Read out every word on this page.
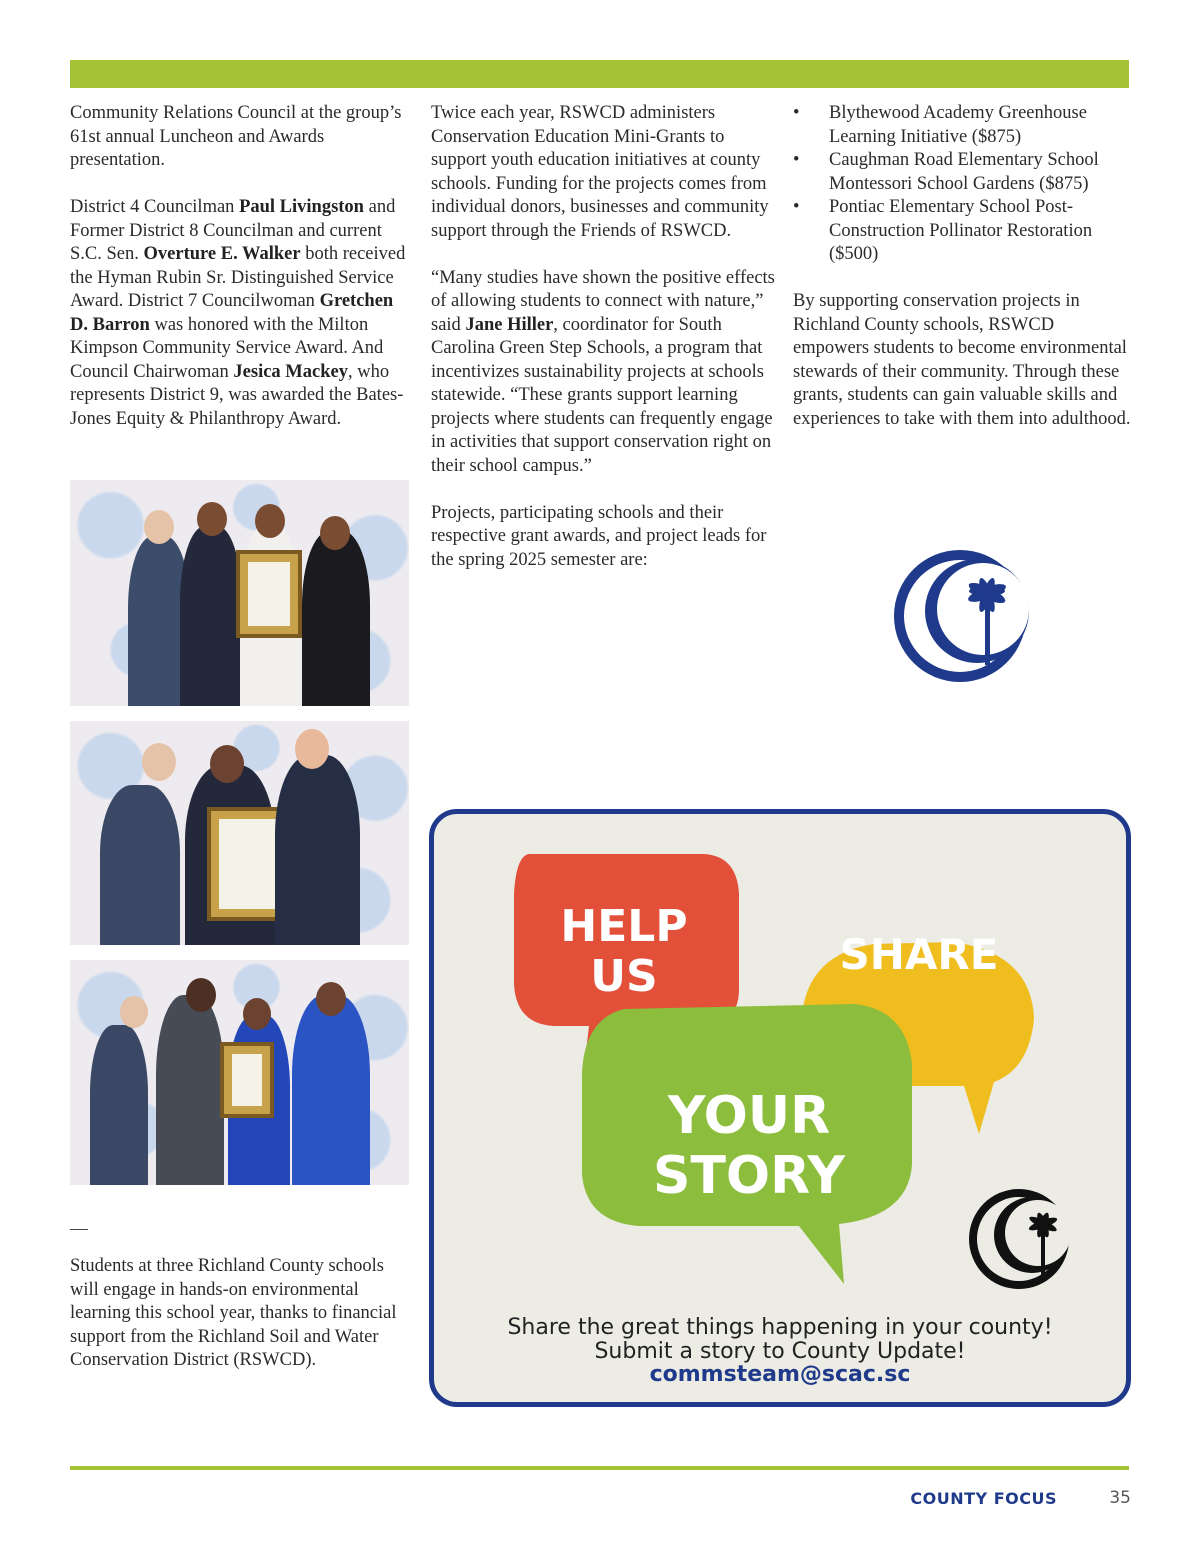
Community Relations Council at the group’s 61st annual Luncheon and Awards presentation.

District 4 Councilman Paul Livingston and Former District 8 Councilman and current S.C. Sen. Overture E. Walker both received the Hyman Rubin Sr. Distinguished Service Award. District 7 Councilwoman Gretchen D. Barron was honored with the Milton Kimpson Community Service Award. And Council Chairwoman Jesica Mackey, who represents District 9, was awarded the Bates-Jones Equity & Philanthropy Award.

—

Students at three Richland County schools will engage in hands-on environmental learning this school year, thanks to financial support from the Richland Soil and Water Conservation District (RSWCD).

Twice each year, RSWCD administers Conservation Education Mini-Grants to support youth education initiatives at county schools. Funding for the projects comes from individual donors, businesses and community support through the Friends of RSWCD.

“Many studies have shown the positive effects of allowing students to connect with nature,” said Jane Hiller, coordinator for South Carolina Green Step Schools, a program that incentivizes sustainability projects at schools statewide. “These grants support learning projects where students can frequently engage in activities that support conservation right on their school campus.”

Projects, participating schools and their respective grant awards, and project leads for the spring 2025 semester are:

• Blythewood Academy Greenhouse Learning Initiative ($875)
• Caughman Road Elementary School Montessori School Gardens ($875)
• Pontiac Elementary School Post-Construction Pollinator Restoration ($500)

By supporting conservation projects in Richland County schools, RSWCD empowers students to become environmental stewards of their community. Through these grants, students can gain valuable skills and experiences to take with them into adulthood.

HELP US	SHARE
YOUR STORY
Share the great things happening in your county!
Submit a story to County Update!
commsteam@scac.sc
COUNTY FOCUS	35
